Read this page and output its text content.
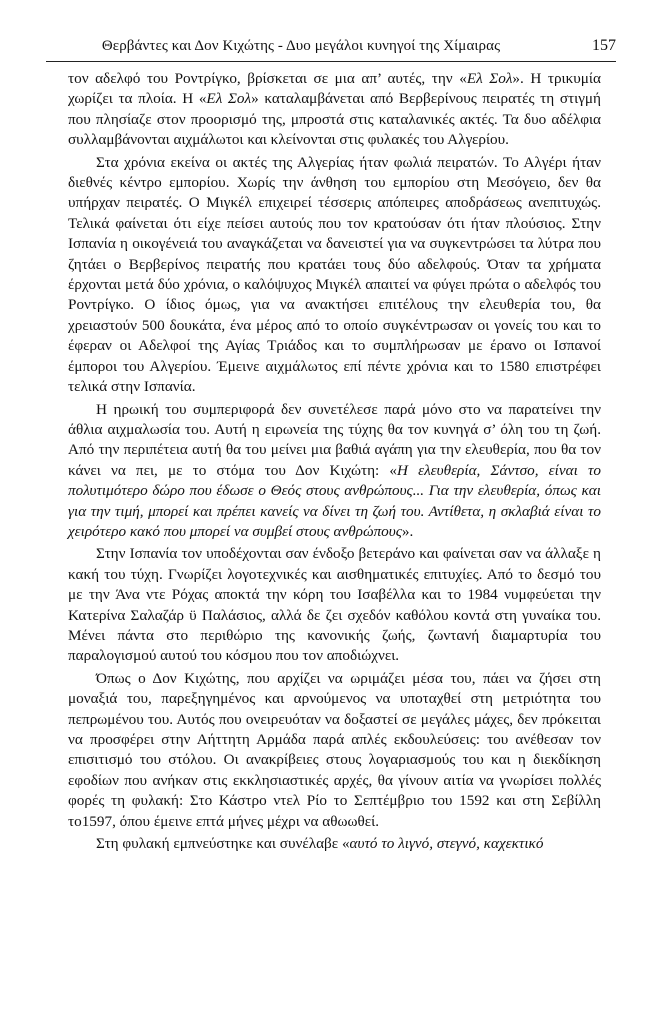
Θερβάντες και Δον Κιχώτης - Δυο μεγάλοι κυνηγοί της Χίμαιρας	157

τον αδελφό του Ροντρίγκο, βρίσκεται σε μια απ’ αυτές, την «Ελ Σολ». Η τρικυμία χωρίζει τα πλοία. Η «Ελ Σολ» καταλαμβάνεται από Βερβερίνους πειρατές τη στιγμή που πλησίαζε στον προορισμό της, μπροστά στις καταλανικές ακτές. Τα δυο αδέλφια συλλαμβάνονται αιχμάλωτοι και κλείνονται στις φυλακές του Αλγερίου.

Στα χρόνια εκείνα οι ακτές της Αλγερίας ήταν φωλιά πειρατών. Το Αλγέρι ήταν διεθνές κέντρο εμπορίου. Χωρίς την άνθηση του εμπορίου στη Μεσόγειο, δεν θα υπήρχαν πειρατές. Ο Μιγκέλ επιχειρεί τέσσερις απόπειρες αποδράσεως ανεπιτυχώς. Τελικά φαίνεται ότι είχε πείσει αυτούς που τον κρατούσαν ότι ήταν πλούσιος. Στην Ισπανία η οικογένειά του αναγκάζεται να δανειστεί για να συγκεντρώσει τα λύτρα που ζητάει ο Βερβερίνος πειρατής που κρατάει τους δύο αδελφούς. Όταν τα χρήματα έρχονται μετά δύο χρόνια, ο καλόψυχος Μιγκέλ απαιτεί να φύγει πρώτα ο αδελφός του Ροντρίγκο. Ο ίδιος όμως, για να ανακτήσει επιτέλους την ελευθερία του, θα χρειαστούν 500 δουκάτα, ένα μέρος από το οποίο συγκέντρωσαν οι γονείς του και το έφεραν οι Αδελφοί της Αγίας Τριάδος και το συμπλήρωσαν με έρανο οι Ισπανοί έμποροι του Αλγερίου. Έμεινε αιχμάλωτος επί πέντε χρόνια και το 1580 επιστρέφει τελικά στην Ισπανία.

Η ηρωική του συμπεριφορά δεν συνετέλεσε παρά μόνο στο να παρατείνει την άθλια αιχμαλωσία του. Αυτή η ειρωνεία της τύχης θα τον κυνηγά σ’ όλη του τη ζωή. Από την περιπέτεια αυτή θα του μείνει μια βαθιά αγάπη για την ελευθερία, που θα τον κάνει να πει, με το στόμα του Δον Κιχώτη: «Η ελευθερία, Σάντσο, είναι το πολυτιμότερο δώρο που έδωσε ο Θεός στους ανθρώπους... Για την ελευθερία, όπως και για την τιμή, μπορεί και πρέπει κανείς να δίνει τη ζωή του. Αντίθετα, η σκλαβιά είναι το χειρότερο κακό που μπορεί να συμβεί στους ανθρώπους».

Στην Ισπανία τον υποδέχονται σαν ένδοξο βετεράνο και φαίνεται σαν να άλλαξε η κακή του τύχη. Γνωρίζει λογοτεχνικές και αισθηματικές επιτυχίες. Από το δεσμό του με την Άνα ντε Ρόχας αποκτά την κόρη του Ισαβέλλα και το 1984 νυμφεύεται την Κατερίνα Σαλαζάρ ϋ Παλάσιος, αλλά δε ζει σχεδόν καθόλου κοντά στη γυναίκα του. Μένει πάντα στο περιθώριο της κανονικής ζωής, ζωντανή διαμαρτυρία του παραλογισμού αυτού του κόσμου που τον αποδιώχνει.

Όπως ο Δον Κιχώτης, που αρχίζει να ωριμάζει μέσα του, πάει να ζήσει στη μοναξιά του, παρεξηγημένος και αρνούμενος να υποταχθεί στη μετριότητα του πεπρωμένου του. Αυτός που ονειρευόταν να δοξαστεί σε μεγάλες μάχες, δεν πρόκειται να προσφέρει στην Αήττητη Αρμάδα παρά απλές εκδουλεύσεις: του ανέθεσαν τον επισιτισμό του στόλου. Οι ανακρίβειες στους λογαριασμούς του και η διεκδίκηση εφοδίων που ανήκαν στις εκκλησιαστικές αρχές, θα γίνουν αιτία να γνωρίσει πολλές φορές τη φυλακή: Στο Κάστρο ντελ Ρίο το Σεπτέμβριο του 1592 και στη Σεβίλλη το1597, όπου έμεινε επτά μήνες μέχρι να αθωωθεί.

Στη φυλακή εμπνεύστηκε και συνέλαβε «αυτό το λιγνό, στεγνό, καχεκτικό
